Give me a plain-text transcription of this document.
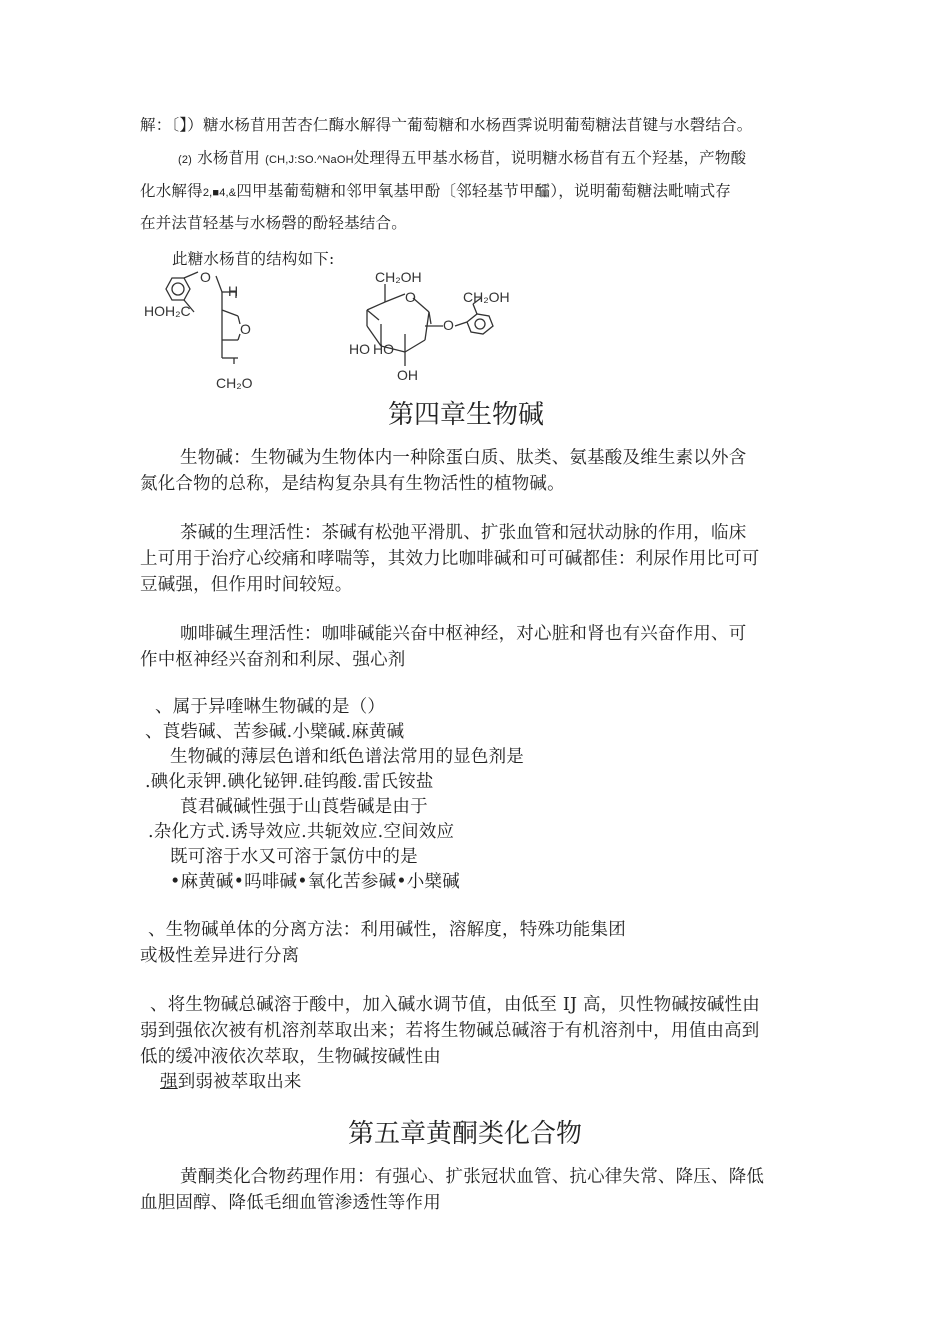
解：〔】）糖水杨苜用苦杏仁酶水解得亠葡萄糖和水杨酉霁说明葡萄糖法苜键与水磬结合。
(2) 水杨苜用 (CH,J:SO.^NaOH处理得五甲基水杨苜，说明糖水杨苜有五个羟基，产物酸
化水解得2,■4,&四甲基葡萄糖和邻甲氧基甲酚〔邻轻基节甲醽），说明葡萄糖法毗喃式存
在并法苜轻基与水杨磬的酚轻基结合。
此糖水杨苜的结构如下:
O
H
O
HOH₂C
CH₂O
CH₂OH
O
O
CH₂OH
HO HO
OH
第四章生物碱
生物碱：生物碱为生物体内一种除蛋白质、肽类、氨基酸及维生素以外含
氮化合物的总称，是结构复杂具有生物活性的植物碱。
茶碱的生理活性：茶碱有松弛平滑肌、扩张血管和冠状动脉的作用，临床
上可用于治疗心绞痛和哮喘等，其效力比咖啡碱和可可碱都佳：利尿作用比可可
豆碱强，但作用时间较短。
咖啡碱生理活性：咖啡碱能兴奋中枢神经，对心脏和肾也有兴奋作用、可
作中枢神经兴奋剂和利尿、强心剂
、属于异喹啉生物碱的是（）
、莨砦碱、苦参碱.小檗碱.麻黄碱
生物碱的薄层色谱和纸色谱法常用的显色剂是
.碘化汞钾.碘化铋钾.硅钨酸.雷氏铵盐
莨君碱碱性强于山莨砦碱是由于
.杂化方式.诱导效应.共轭效应.空间效应
既可溶于水又可溶于氯仿中的是
•麻黄碱•吗啡碱•氧化苦参碱•小檗碱
、生物碱单体的分离方法：利用碱性，溶解度，特殊功能集团
或极性差异进行分离
、将生物碱总碱溶于酸中，加入碱水调节值，由低至 IJ 高，贝性物碱按碱性由
弱到强依次被有机溶剂萃取出来；若将生物碱总碱溶于有机溶剂中，用值由高到
低的缓冲液依次萃取，生物碱按碱性由
强到弱被萃取出来
第五章黄酮类化合物
黄酮类化合物药理作用：有强心、扩张冠状血管、抗心律失常、降压、降低
血胆固醇、降低毛细血管渗透性等作用
